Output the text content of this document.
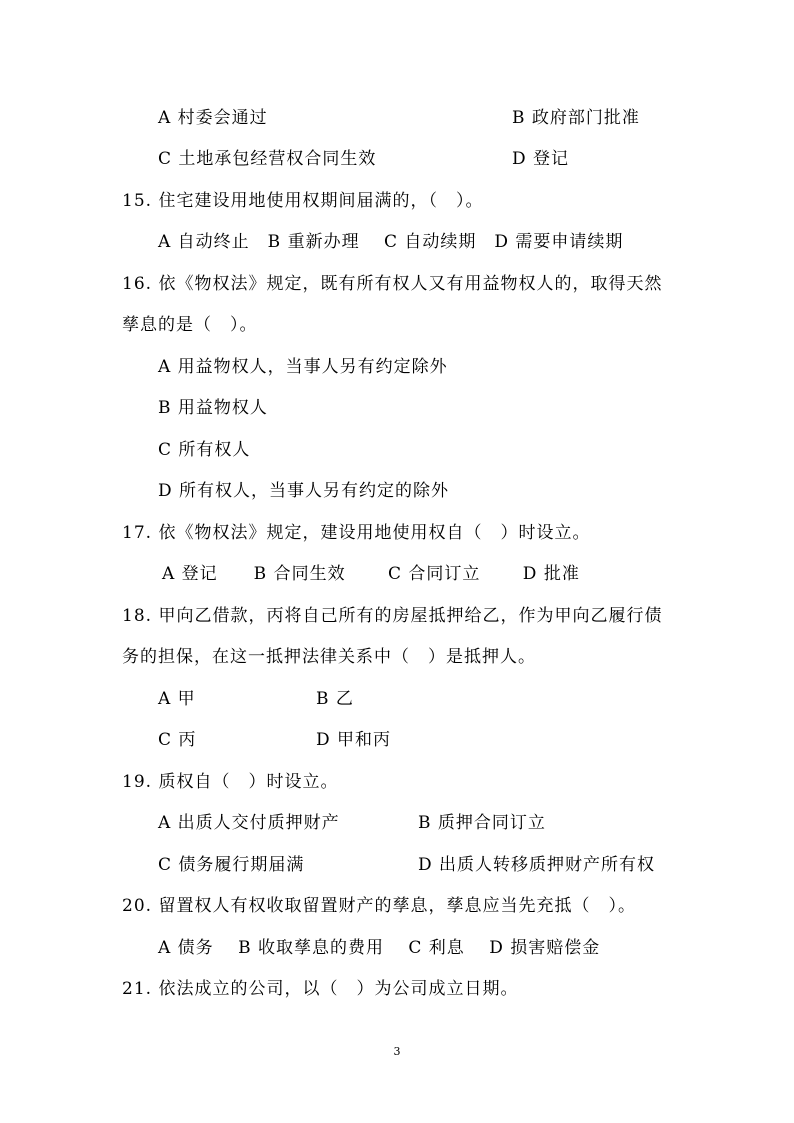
A 村委会通过	B 政府部门批准
C 土地承包经营权合同生效	D 登记
15. 住宅建设用地使用权期间届满的，（　）。
A 自动终止　B 重新办理　 C 自动续期　D 需要申请续期
16. 依《物权法》规定，既有所有权人又有用益物权人的，取得天然
孳息的是（　）。
A 用益物权人，当事人另有约定除外
B 用益物权人
C 所有权人
D 所有权人，当事人另有约定的除外
17. 依《物权法》规定，建设用地使用权自（　）时设立。
A 登记　　B 合同生效　　 C 合同订立　　 D 批准
18. 甲向乙借款，丙将自己所有的房屋抵押给乙，作为甲向乙履行债
务的担保，在这一抵押法律关系中（　）是抵押人。
A 甲	B 乙
C 丙	D 甲和丙
19. 质权自（　）时设立。
A 出质人交付质押财产	B 质押合同订立
C 债务履行期届满	D 出质人转移质押财产所有权
20. 留置权人有权收取留置财产的孳息，孳息应当先充抵（　）。
A 债务　 B 收取孳息的费用　 C 利息　 D 损害赔偿金
21. 依法成立的公司，以（　）为公司成立日期。
3
